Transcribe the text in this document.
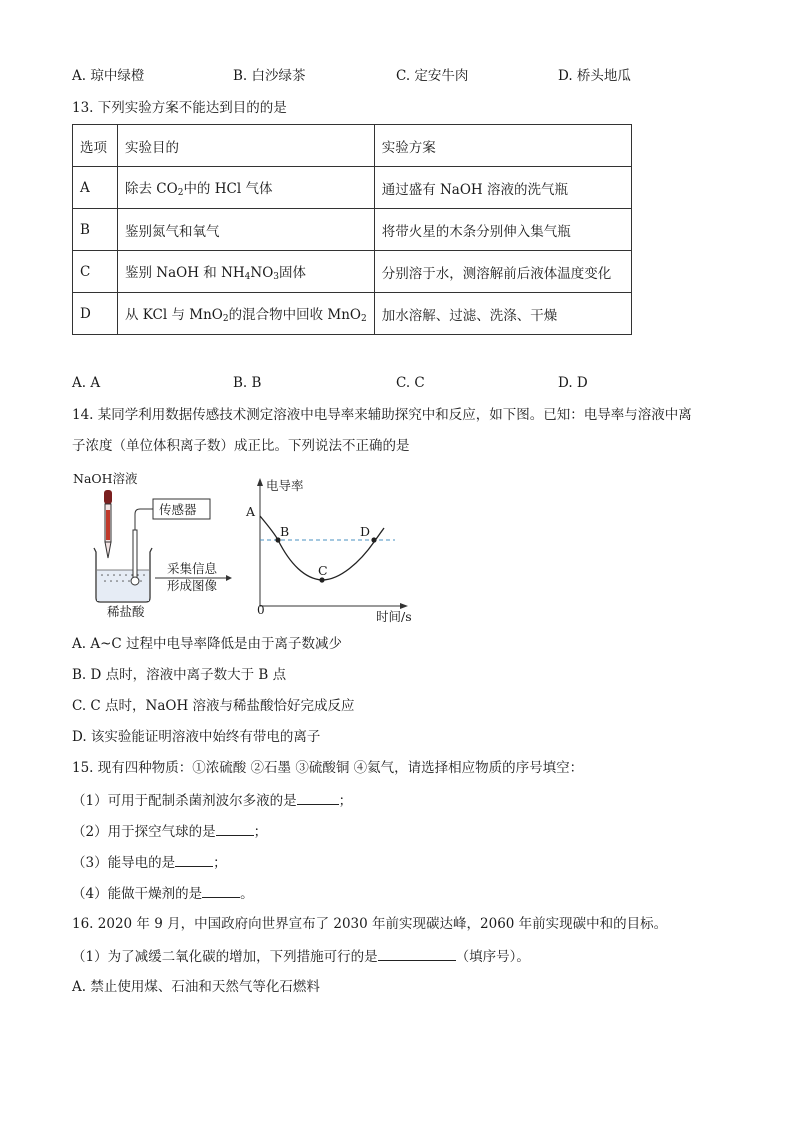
A. 琼中绿橙	B. 白沙绿茶	C. 定安牛肉	D. 桥头地瓜
13. 下列实验方案不能达到目的的是
选项	实验目的	实验方案
A	除去 $CO_2$中的 HCl 气体	通过盛有 NaOH 溶液的洗气瓶
B	鉴别氮气和氧气	将带火星的木条分别伸入集气瓶
C	鉴别 NaOH 和 $NH_4NO_3$固体	分别溶于水，测溶解前后液体温度变化
D	从 KCl 与 MnO$_2$的混合物中回收 MnO$_2$	加水溶解、过滤、洗涤、干燥
A. A	B. B	C. C	D. D
14. 某同学利用数据传感技术测定溶液中电导率来辅助探究中和反应，如下图。已知：电导率与溶液中离
子浓度（单位体积离子数）成正比。下列说法不正确的是
NaOH溶液
传感器
稀盐酸
采集信息
形成图像
电导率
时间/s
0
A
B
C
D
A. A~C 过程中电导率降低是由于离子数减少
B. D 点时，溶液中离子数大于 B 点
C. C 点时，NaOH 溶液与稀盐酸恰好完成反应
D. 该实验能证明溶液中始终有带电的离子
15. 现有四种物质：①浓硫酸 ②石墨 ③硫酸铜 ④氦气，请选择相应物质的序号填空：
（1）可用于配制杀菌剂波尔多液的是	；
（2）用于探空气球的是	；
（3）能导电的是	；
（4）能做干燥剂的是	。
16. 2020 年 9 月，中国政府向世界宣布了 2030 年前实现碳达峰，2060 年前实现碳中和的目标。
（1）为了减缓二氧化碳的增加，下列措施可行的是	（填序号）。
A. 禁止使用煤、石油和天然气等化石燃料
